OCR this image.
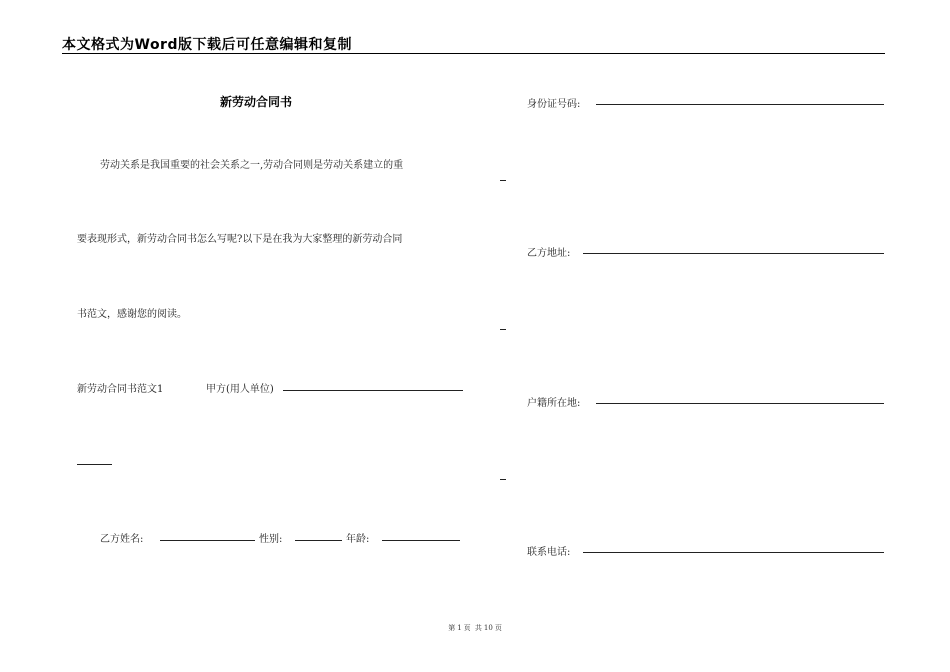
本文格式为Word版下载后可任意编辑和复制
新劳动合同书
劳动关系是我国重要的社会关系之一,劳动合同则是劳动关系建立的重
要表现形式，新劳动合同书怎么写呢?以下是在我为大家整理的新劳动合同
书范文，感谢您的阅读。
新劳动合同书范文1	甲方(用人单位)
乙方姓名:	性别:	年龄:
身份证号码:
乙方地址:
户籍所在地:
联系电话:
第 1 页 共 10 页
